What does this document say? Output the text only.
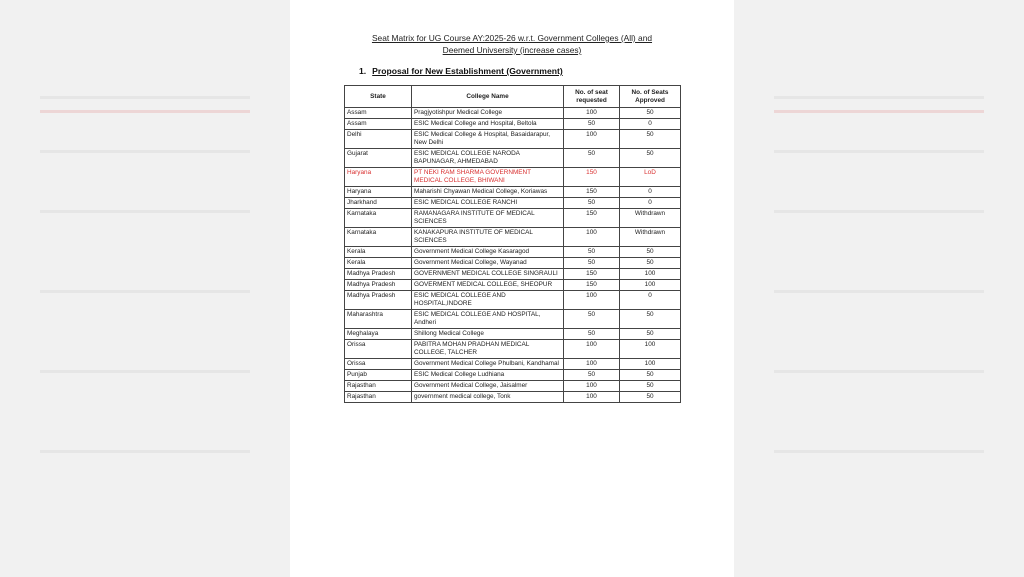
Seat Matrix for UG Course AY:2025-26 w.r.t. Government Colleges (All) and
Deemed Univsersity (increase cases)
1. Proposal for New Establishment (Government)
State	College Name	No. of seat requested	No. of Seats Approved
Assam	Pragjyotishpur Medical College	100	50
Assam	ESIC Medical College and Hospital, Beltola	50	0
Delhi	ESIC Medical College & Hospital, Basaidarapur, New Delhi	100	50
Gujarat	ESIC MEDICAL COLLEGE NARODA BAPUNAGAR, AHMEDABAD	50	50
Haryana	PT NEKI RAM SHARMA GOVERNMENT MEDICAL COLLEGE, BHIWANI	150	LoD
Haryana	Maharishi Chyawan Medical College, Koriawas	150	0
Jharkhand	ESIC MEDICAL COLLEGE RANCHI	50	0
Karnataka	RAMANAGARA INSTITUTE OF MEDICAL SCIENCES	150	Withdrawn
Karnataka	KANAKAPURA INSTITUTE OF MEDICAL SCIENCES	100	Withdrawn
Kerala	Government Medical College Kasaragod	50	50
Kerala	Government Medical College, Wayanad	50	50
Madhya Pradesh	GOVERNMENT MEDICAL COLLEGE SINGRAULI	150	100
Madhya Pradesh	GOVERMENT MEDICAL COLLEGE, SHEOPUR	150	100
Madhya Pradesh	ESIC MEDICAL COLLEGE AND HOSPITAL,INDORE	100	0
Maharashtra	ESIC MEDICAL COLLEGE AND HOSPITAL, Andheri	50	50
Meghalaya	Shillong Medical College	50	50
Orissa	PABITRA MOHAN PRADHAN MEDICAL COLLEGE, TALCHER	100	100
Orissa	Government Medical College Phulbani, Kandhamal	100	100
Punjab	ESIC Medical College Ludhiana	50	50
Rajasthan	Government Medical College, Jaisalmer	100	50
Rajasthan	government medical college, Tonk	100	50
